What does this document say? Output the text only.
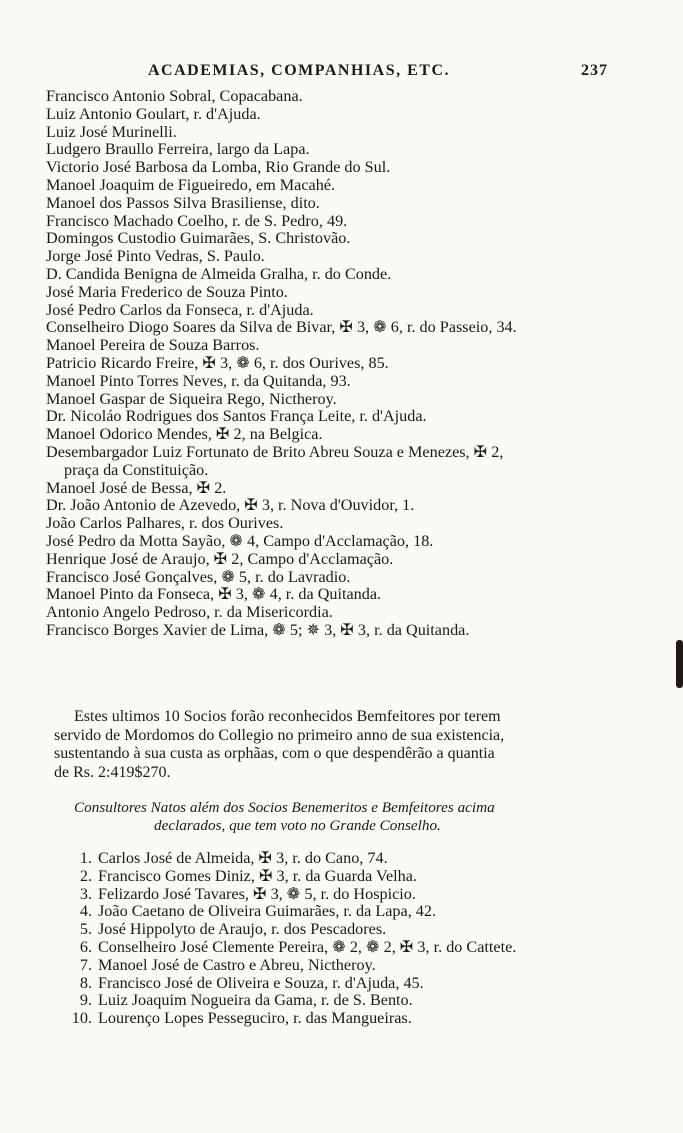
ACADEMIAS, COMPANHIAS, ETC.	237
Francisco Antonio Sobral, Copacabana.
Luiz Antonio Goulart, r. d'Ajuda.
Luiz José Murinelli.
Ludgero Braullo Ferreira, largo da Lapa.
Victorio José Barbosa da Lomba, Rio Grande do Sul.
Manoel Joaquim de Figueiredo, em Macahé.
Manoel dos Passos Silva Brasiliense, dito.
Francisco Machado Coelho, r. de S. Pedro, 49.
Domingos Custodio Guimarães, S. Christovão.
Jorge José Pinto Vedras, S. Paulo.
D. Candida Benigna de Almeida Gralha, r. do Conde.
José Maria Frederico de Souza Pinto.
José Pedro Carlos da Fonseca, r. d'Ajuda.
Conselheiro Diogo Soares da Silva de Bivar, ✠ 3, ❁ 6, r. do Passeio, 34.
Manoel Pereira de Souza Barros.
Patricio Ricardo Freire, ✠ 3, ❁ 6, r. dos Ourives, 85.
Manoel Pinto Torres Neves, r. da Quitanda, 93.
Manoel Gaspar de Siqueira Rego, Nictheroy.
Dr. Nicoláo Rodrigues dos Santos França Leite, r. d'Ajuda.
Manoel Odorico Mendes, ✠ 2, na Belgica.
Desembargador Luiz Fortunato de Brito Abreu Souza e Menezes, ✠ 2,
praça da Constituição.
Manoel José de Bessa, ✠ 2.
Dr. João Antonio de Azevedo, ✠ 3, r. Nova d'Ouvidor, 1.
João Carlos Palhares, r. dos Ourives.
José Pedro da Motta Sayão, ❁ 4, Campo d'Acclamação, 18.
Henrique José de Araujo, ✠ 2, Campo d'Acclamação.
Francisco José Gonçalves, ❁ 5, r. do Lavradio.
Manoel Pinto da Fonseca, ✠ 3, ❁ 4, r. da Quitanda.
Antonio Angelo Pedroso, r. da Misericordia.
Francisco Borges Xavier de Lima, ❁ 5; ✵ 3, ✠ 3, r. da Quitanda.
Estes ultimos 10 Socios forão reconhecidos Bemfeitores por terem
servido de Mordomos do Collegio no primeiro anno de sua existencia,
sustentando à sua custa as orphãas, com o que despendêrão a quantia
de Rs. 2:419$270.
Consultores Natos além dos Socios Benemeritos e Bemfeitores acima
declarados, que tem voto no Grande Conselho.
1. Carlos José de Almeida, ✠ 3, r. do Cano, 74.
2. Francisco Gomes Diniz, ✠ 3, r. da Guarda Velha.
3. Felizardo José Tavares, ✠ 3, ❁ 5, r. do Hospicio.
4. João Caetano de Oliveira Guimarães, r. da Lapa, 42.
5. José Hippolyto de Araujo, r. dos Pescadores.
6. Conselheiro José Clemente Pereira, ❁ 2, ❁ 2, ✠ 3, r. do Cattete.
7. Manoel José de Castro e Abreu, Nictheroy.
8. Francisco José de Oliveira e Souza, r. d'Ajuda, 45.
9. Luiz Joaquim Nogueira da Gama, r. de S. Bento.
10. Lourenço Lopes Pesseguciro, r. das Mangueiras.
